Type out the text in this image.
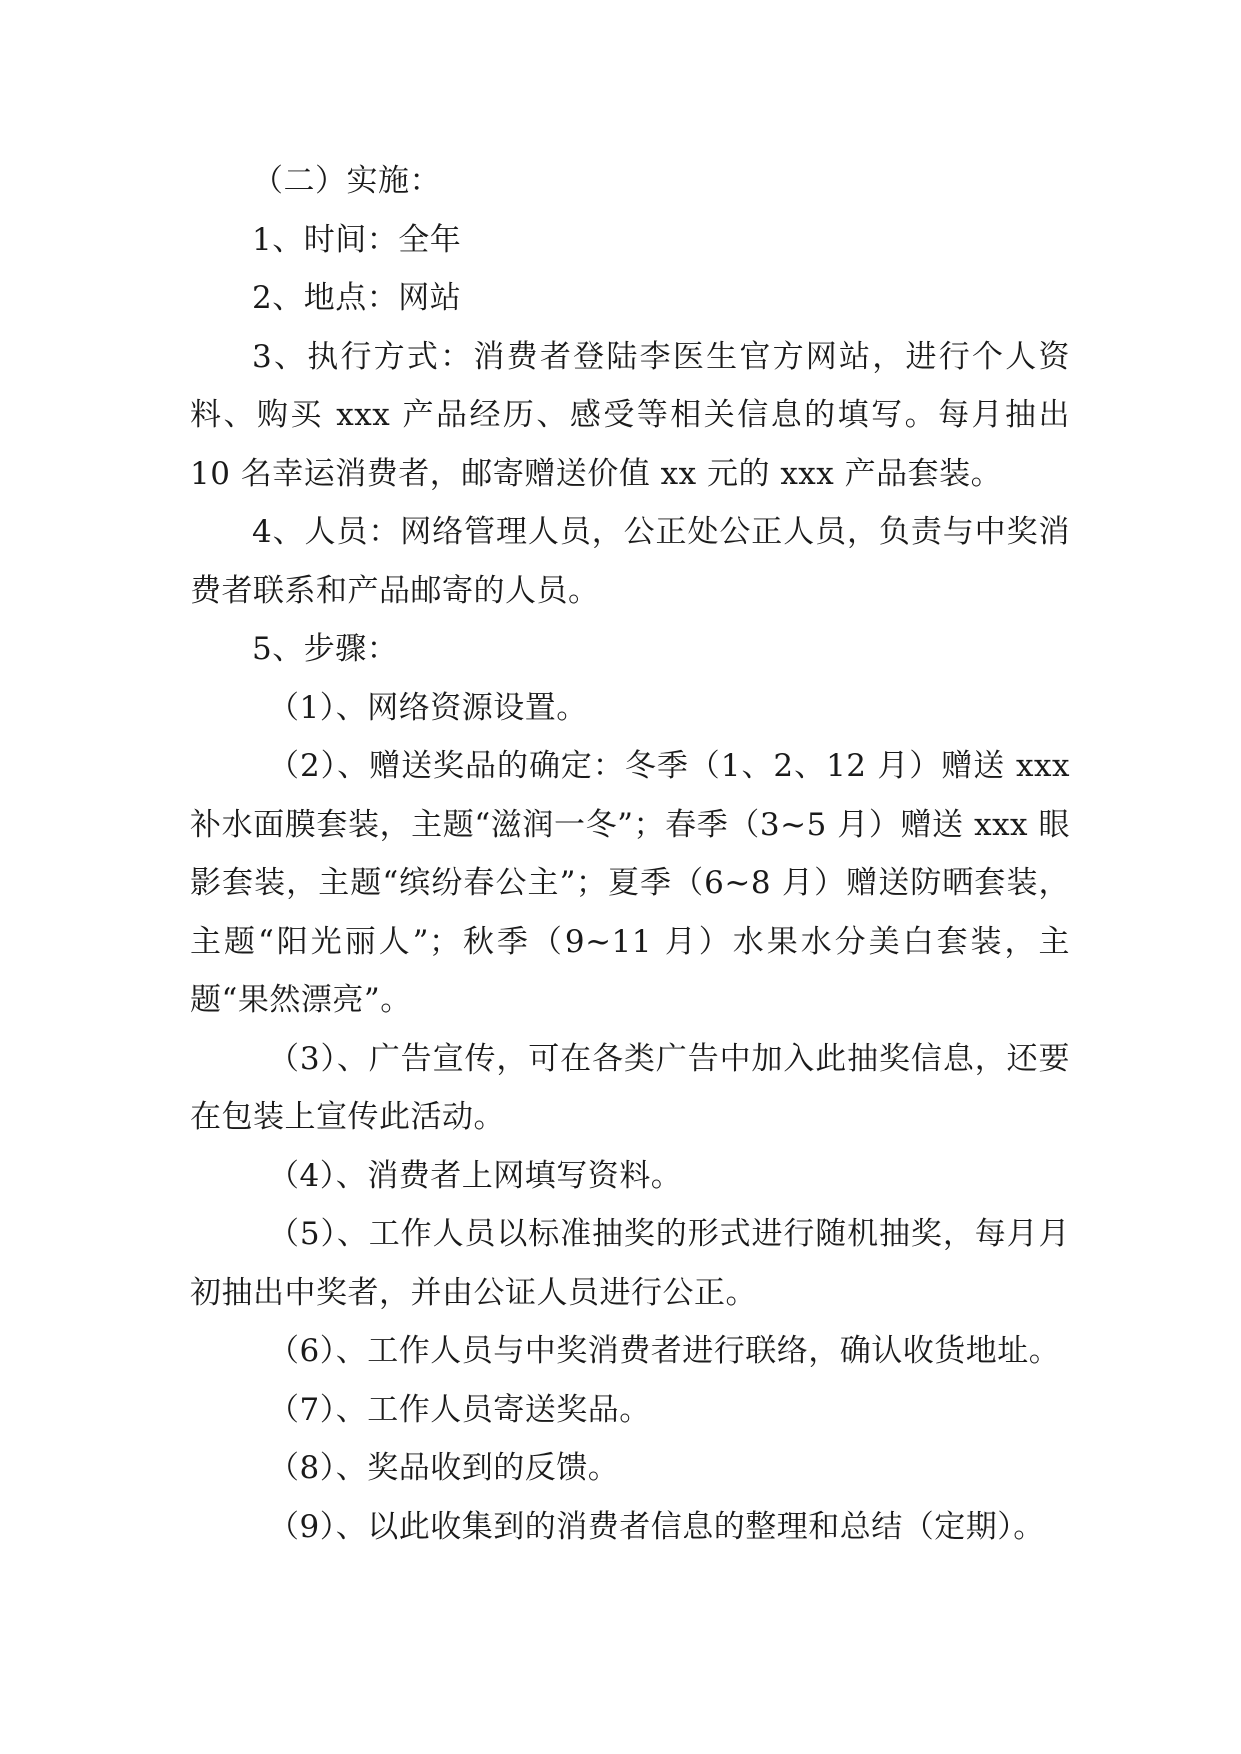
（二）实施：

1、时间：全年

2、地点：网站

3、执行方式：消费者登陆李医生官方网站，进行个人资料、购买 xxx 产品经历、感受等相关信息的填写。每月抽出 10 名幸运消费者，邮寄赠送价值 xx 元的 xxx 产品套装。

4、人员：网络管理人员，公正处公正人员，负责与中奖消费者联系和产品邮寄的人员。

5、步骤：

（1）、网络资源设置。

（2）、赠送奖品的确定：冬季（1、2、12 月）赠送 xxx 补水面膜套装，主题“滋润一冬”；春季（3~5 月）赠送 xxx 眼影套装，主题“缤纷春公主”；夏季（6~8 月）赠送防晒套装，主题“阳光丽人”；秋季（9~11 月）水果水分美白套装，主题“果然漂亮”。

（3）、广告宣传，可在各类广告中加入此抽奖信息，还要在包装上宣传此活动。

（4）、消费者上网填写资料。

（5）、工作人员以标准抽奖的形式进行随机抽奖，每月月初抽出中奖者，并由公证人员进行公正。

（6）、工作人员与中奖消费者进行联络，确认收货地址。

（7）、工作人员寄送奖品。

（8）、奖品收到的反馈。

（9）、以此收集到的消费者信息的整理和总结（定期）。
